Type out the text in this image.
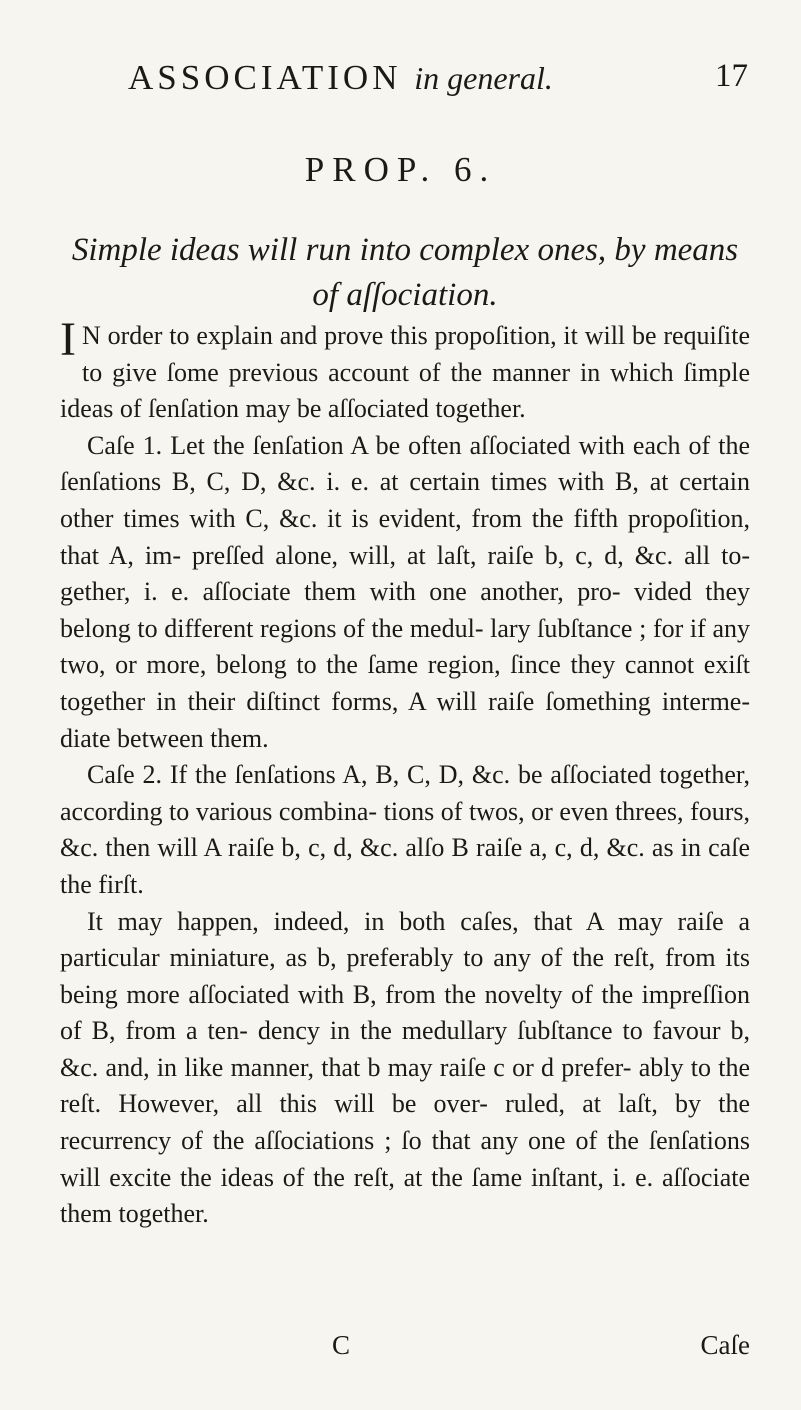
ASSOCIATION in general.	17
PROP. 6.
Simple ideas will run into complex ones, by means of aſſociation.

I N order to explain and prove this propoſition, it will be requiſite to give ſome previous account of the manner in which ſimple ideas of ſenſation may be aſſociated together.

Caſe 1. Let the ſenſation A be often aſſociated with each of the ſenſations B, C, D, &c. i. e. at certain times with B, at certain other times with C, &c. it is evident, from the fifth propoſition, that A, im- preſſed alone, will, at laſt, raiſe b, c, d, &c. all to- gether, i. e. aſſociate them with one another, pro- vided they belong to different regions of the medul- lary ſubſtance ; for if any two, or more, belong to the ſame region, ſince they cannot exiſt together in their diſtinct forms, A will raiſe ſomething interme- diate between them.

Caſe 2. If the ſenſations A, B, C, D, &c. be aſſociated together, according to various combina- tions of twos, or even threes, fours, &c. then will A raiſe b, c, d, &c. alſo B raiſe a, c, d, &c. as in caſe the firſt.

It may happen, indeed, in both caſes, that A may raiſe a particular miniature, as b, preferably to any of the reſt, from its being more aſſociated with B, from the novelty of the impreſſion of B, from a ten- dency in the medullary ſubſtance to favour b, &c. and, in like manner, that b may raiſe c or d prefer- ably to the reſt. However, all this will be over- ruled, at laſt, by the recurrency of the aſſociations ; ſo that any one of the ſenſations will excite the ideas of the reſt, at the ſame inſtant, i. e. aſſociate them together.

C	Caſe
